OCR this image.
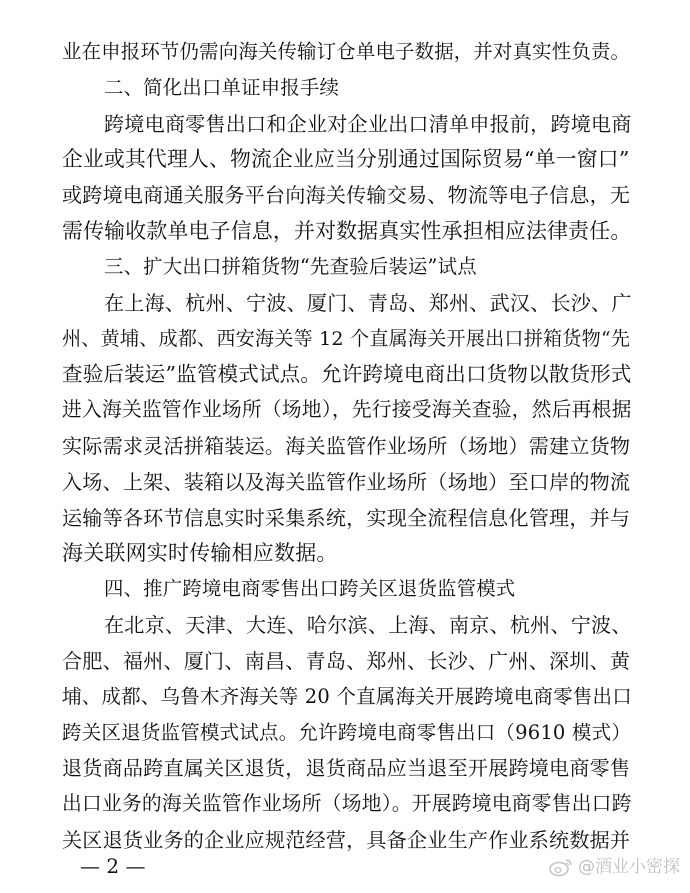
业在申报环节仍需向海关传输订仓单电子数据，并对真实性负责。
二、简化出口单证申报手续
跨境电商零售出口和企业对企业出口清单申报前，跨境电商
企业或其代理人、物流企业应当分别通过国际贸易“单一窗口”
或跨境电商通关服务平台向海关传输交易、物流等电子信息，无
需传输收款单电子信息，并对数据真实性承担相应法律责任。
三、扩大出口拼箱货物“先查验后装运”试点
在上海、杭州、宁波、厦门、青岛、郑州、武汉、长沙、广
州、黄埔、成都、西安海关等 12 个直属海关开展出口拼箱货物“先
查验后装运”监管模式试点。允许跨境电商出口货物以散货形式
进入海关监管作业场所（场地），先行接受海关查验，然后再根据
实际需求灵活拼箱装运。海关监管作业场所（场地）需建立货物
入场、上架、装箱以及海关监管作业场所（场地）至口岸的物流
运输等各环节信息实时采集系统，实现全流程信息化管理，并与
海关联网实时传输相应数据。
四、推广跨境电商零售出口跨关区退货监管模式
在北京、天津、大连、哈尔滨、上海、南京、杭州、宁波、
合肥、福州、厦门、南昌、青岛、郑州、长沙、广州、深圳、黄
埔、成都、乌鲁木齐海关等 20 个直属海关开展跨境电商零售出口
跨关区退货监管模式试点。允许跨境电商零售出口（9610 模式）
退货商品跨直属关区退货，退货商品应当退至开展跨境电商零售
出口业务的海关监管作业场所（场地）。开展跨境电商零售出口跨
关区退货业务的企业应规范经营，具备企业生产作业系统数据并
— 2 —	@酒业小密探
